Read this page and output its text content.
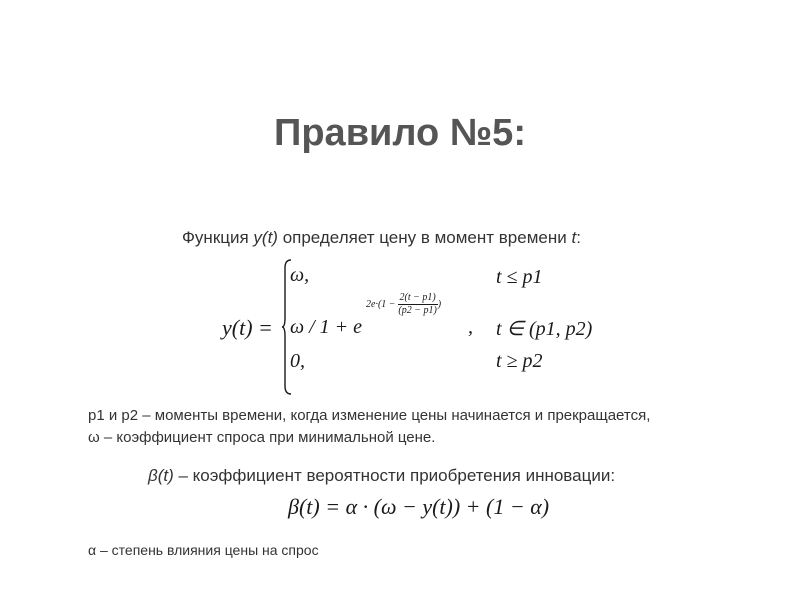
Правило №5:
Функция y(t) определяет цену в момент времени t:
y(t) =
ω,	t ≤ p1
ω / 1 + e
$2e\cdot(1 - \frac{2(t - p1)}{(p2 - p1)}$ )
, t ∈ (p1, p2)
0,	t ≥ p2
p1 и p2 – моменты времени, когда изменение цены начинается и прекращается,
ω – коэффициент спроса при минимальной цене.
β(t) – коэффициент вероятности приобретения инновации:
β(t) = α · (ω − y(t)) + (1 − α)
α – степень влияния цены на спрос
